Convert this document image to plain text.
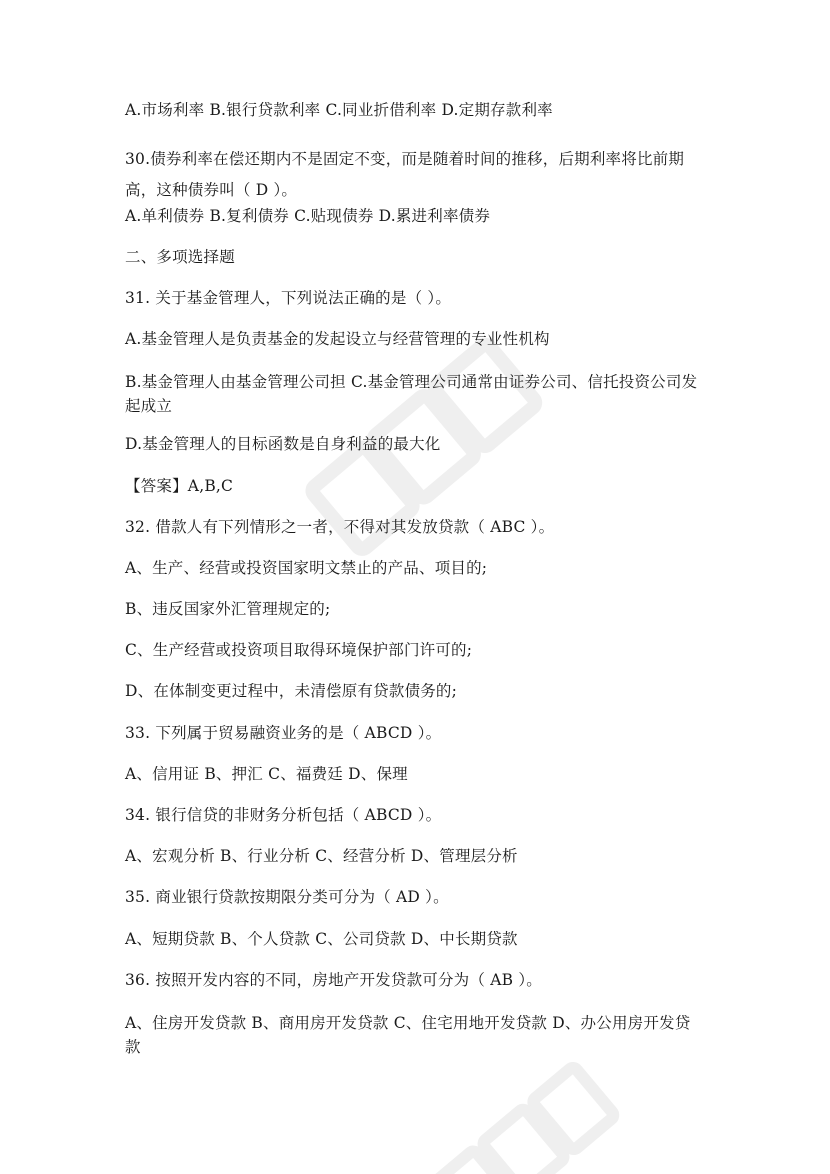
A.市场利率 B.银行贷款利率 C.同业折借利率 D.定期存款利率
30.债券利率在偿还期内不是固定不变，而是随着时间的推移，后期利率将比前期高，这种债券叫（ D ）。
A.单利债券 B.复利债券 C.贴现债券 D.累进利率债券
二、多项选择题
31. 关于基金管理人，下列说法正确的是（ ）。
A.基金管理人是负责基金的发起设立与经营管理的专业性机构
B.基金管理人由基金管理公司担 C.基金管理公司通常由证券公司、信托投资公司发起成立
D.基金管理人的目标函数是自身利益的最大化
【答案】A,B,C
32. 借款人有下列情形之一者，不得对其发放贷款（ ABC ）。
A、生产、经营或投资国家明文禁止的产品、项目的;
B、违反国家外汇管理规定的;
C、生产经营或投资项目取得环境保护部门许可的;
D、在体制变更过程中，未清偿原有贷款债务的;
33. 下列属于贸易融资业务的是（ ABCD ）。
A、信用证 B、押汇 C、福费廷 D、保理
34. 银行信贷的非财务分析包括（ ABCD ）。
A、宏观分析 B、行业分析 C、经营分析 D、管理层分析
35. 商业银行贷款按期限分类可分为（ AD ）。
A、短期贷款 B、个人贷款 C、公司贷款 D、中长期贷款
36. 按照开发内容的不同，房地产开发贷款可分为（ AB ）。
A、住房开发贷款 B、商用房开发贷款 C、住宅用地开发贷款 D、办公用房开发贷款
